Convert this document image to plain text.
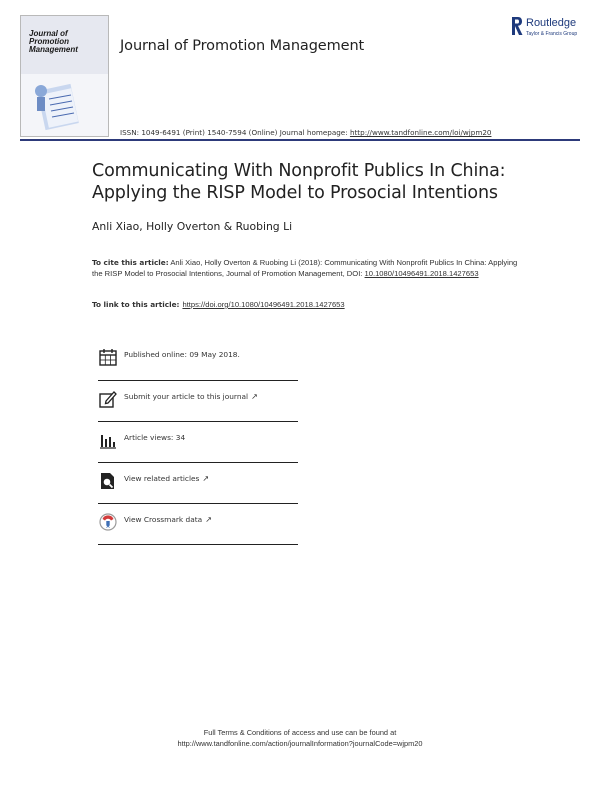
Journal of
Promotion
Management	Journal of Promotion Management
Routledge
Taylor & Francis Group
ISSN: 1049-6491 (Print) 1540-7594 (Online) Journal homepage: http://www.tandfonline.com/loi/wjpm20
Communicating With Nonprofit Publics In China:
Applying the RISP Model to Prosocial Intentions
Anli Xiao, Holly Overton & Ruobing Li
To cite this article: Anli Xiao, Holly Overton & Ruobing Li (2018): Communicating With Nonprofit Publics In China: Applying the RISP Model to Prosocial Intentions, Journal of Promotion Management, DOI: 10.1080/10496491.2018.1427653
To link to this article: https://doi.org/10.1080/10496491.2018.1427653
Published online: 09 May 2018.
Submit your article to this journal ↗
Article views: 34
View related articles ↗
View Crossmark data ↗
Full Terms & Conditions of access and use can be found at
http://www.tandfonline.com/action/journalInformation?journalCode=wjpm20
